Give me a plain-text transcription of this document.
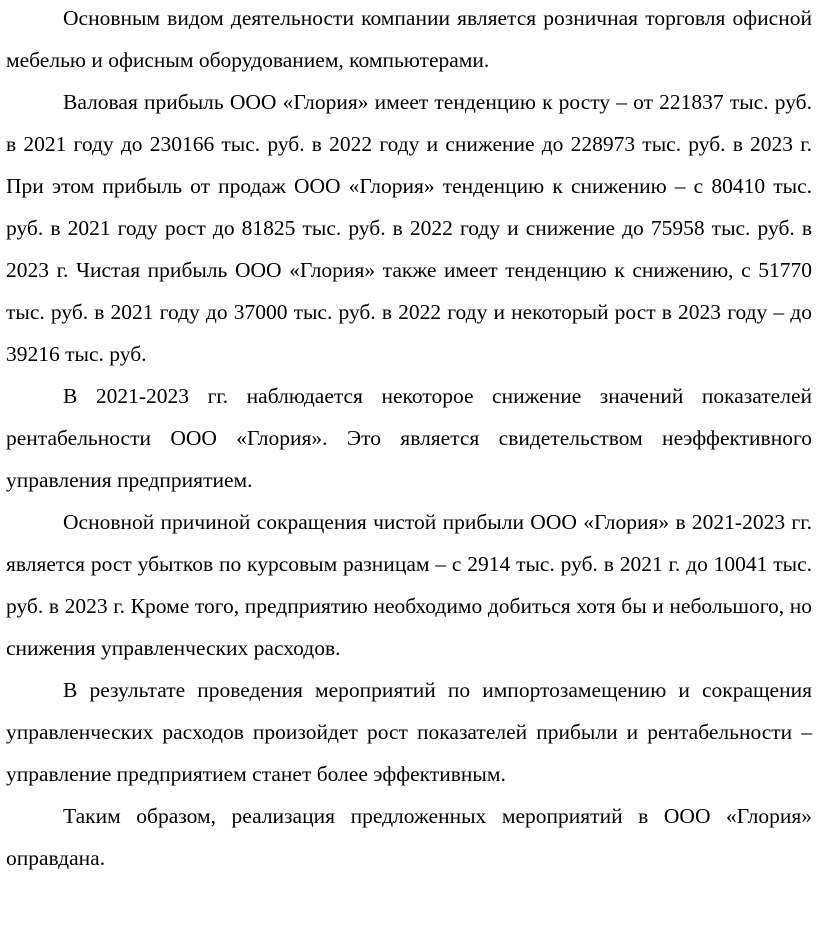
Основным видом деятельности компании является розничная торговля офисной мебелью и офисным оборудованием, компьютерами.

Валовая прибыль ООО «Глория» имеет тенденцию к росту – от 221837 тыс. руб. в 2021 году до 230166 тыс. руб. в 2022 году и снижение до 228973 тыс. руб. в 2023 г. При этом прибыль от продаж ООО «Глория» тенденцию к снижению – с 80410 тыс. руб. в 2021 году рост до 81825 тыс. руб. в 2022 году и снижение до 75958 тыс. руб. в 2023 г. Чистая прибыль ООО «Глория» также имеет тенденцию к снижению, с 51770 тыс. руб. в 2021 году до 37000 тыс. руб. в 2022 году и некоторый рост в 2023 году – до 39216 тыс. руб.

В 2021-2023 гг. наблюдается некоторое снижение значений показателей рентабельности ООО «Глория». Это является свидетельством неэффективного управления предприятием.

Основной причиной сокращения чистой прибыли ООО «Глория» в 2021-2023 гг. является рост убытков по курсовым разницам – с 2914 тыс. руб. в 2021 г. до 10041 тыс. руб. в 2023 г. Кроме того, предприятию необходимо добиться хотя бы и небольшого, но снижения управленческих расходов.

В результате проведения мероприятий по импортозамещению и сокращения управленческих расходов произойдет рост показателей прибыли и рентабельности – управление предприятием станет более эффективным.

Таким образом, реализация предложенных мероприятий в ООО «Глория» оправдана.
